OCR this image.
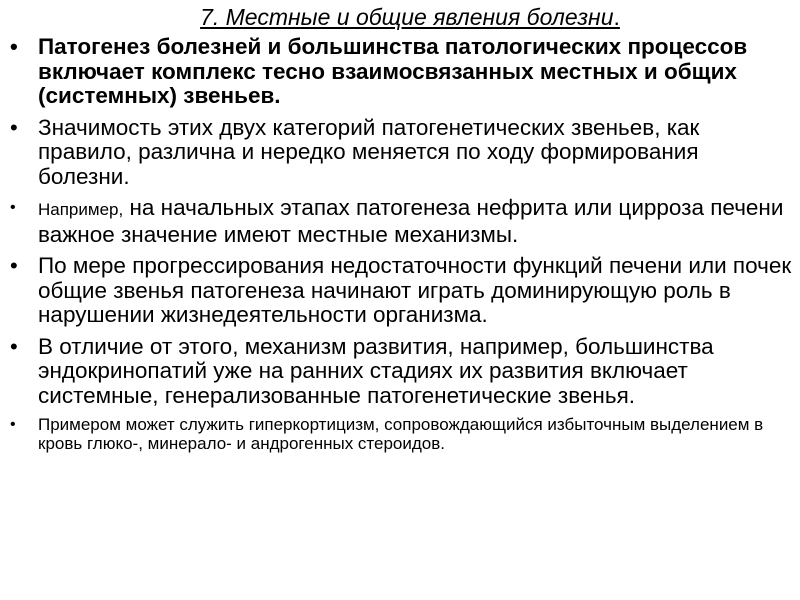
7. Местные и общие явления болезни.
• Патогенез болезней и большинства патологических процессов включает комплекс тесно взаимосвязанных местных и общих (системных) звеньев.
• Значимость этих двух категорий патогенетических звеньев, как правило, различна и нередко меняется по ходу формирования болезни.
• Например, на начальных этапах патогенеза нефрита или цирроза печени важное значение имеют местные механизмы.
• По мере прогрессирования недостаточности функций печени или почек общие звенья патогенеза начинают играть доминирующую роль в нарушении жизнедеятельности организма.
• В отличие от этого, механизм развития, например, большинства эндокринопатий уже на ранних стадиях их развития включает системные, генерализованные патогенетические звенья.
• Примером может служить гиперкортицизм, сопровождающийся избыточным выделением в кровь глюко-, минерало- и андрогенных стероидов.
